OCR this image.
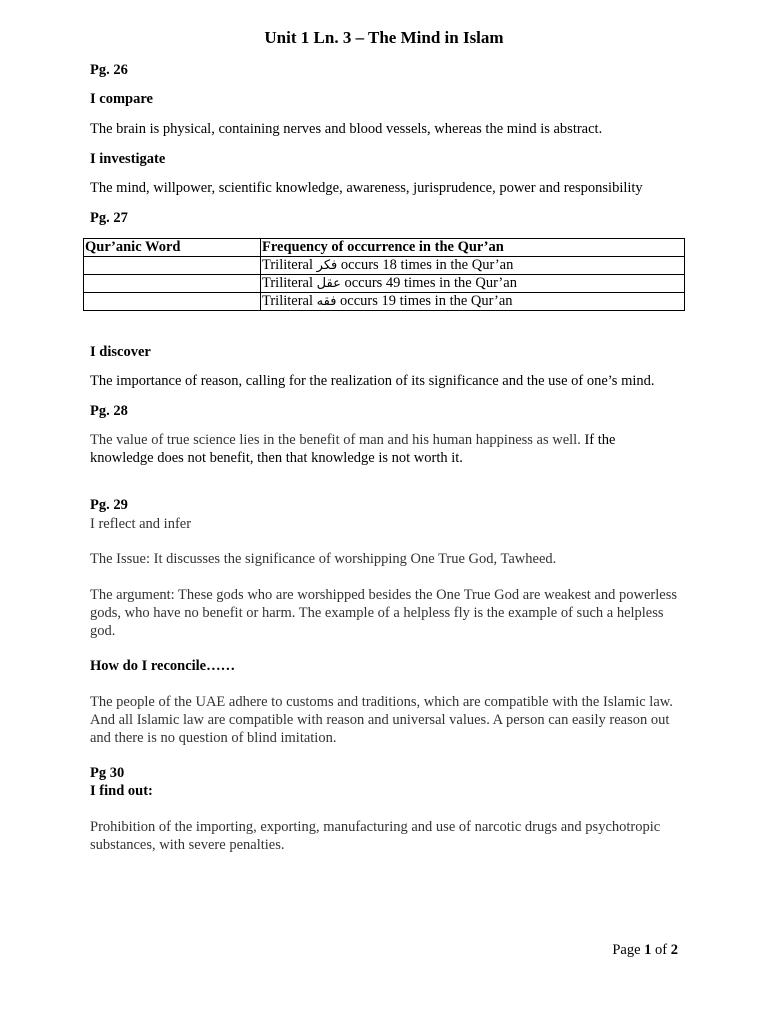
Unit 1 Ln. 3 – The Mind in Islam
Pg. 26
I compare
The brain is physical, containing nerves and blood vessels, whereas the mind is abstract.
I investigate
The mind, willpower, scientific knowledge, awareness, jurisprudence, power and responsibility
Pg. 27
Qur’anic Word	Frequency of occurrence in the Qur’an
	Triliteral فكر occurs 18 times in the Qur’an
	Triliteral عقل occurs 49 times in the Qur’an
	Triliteral فقه occurs 19 times in the Qur’an
I discover
The importance of reason, calling for the realization of its significance and the use of one’s mind.
Pg. 28
The value of true science lies in the benefit of man and his human happiness as well. If the
knowledge does not benefit, then that knowledge is not worth it.
Pg. 29
I reflect and infer
The Issue: It discusses the significance of worshipping One True God, Tawheed.
The argument: These gods who are worshipped besides the One True God are weakest and powerless gods, who have no benefit or harm. The example of a helpless fly is the example of such a helpless god.
How do I reconcile……
The people of the UAE adhere to customs and traditions, which are compatible with the Islamic law. And all Islamic law are compatible with reason and universal values. A person can easily reason out and there is no question of blind imitation.
Pg 30
I find out:
Prohibition of the importing, exporting, manufacturing and use of narcotic drugs and psychotropic substances, with severe penalties.
Page 1 of 2
